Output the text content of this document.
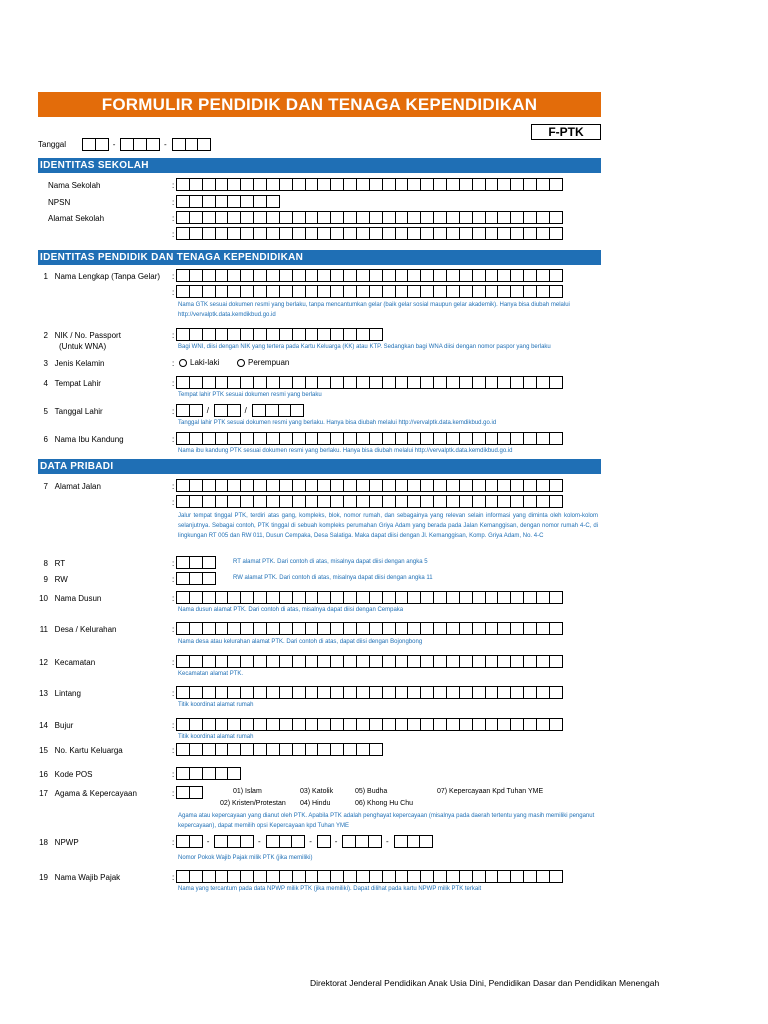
FORMULIR PENDIDIK DAN TENAGA KEPENDIDIKAN
F-PTK
Tanggal	-	-
IDENTITAS SEKOLAH
Nama Sekolah	:
NPSN	:
Alamat Sekolah	:
:
IDENTITAS PENDIDIK DAN TENAGA KEPENDIDIKAN
1 Nama Lengkap (Tanpa Gelar) :
:
Nama GTK sesuai dokumen resmi yang berlaku, tanpa mencantumkan gelar (baik gelar sosial maupun gelar akademik). Hanya bisa diubah melalui http://vervalptk.data.kemdikbud.go.id
2 NIK / No. Passport
(Untuk WNA)
:
Bagi WNI, diisi dengan NIK yang tertera pada Kartu Keluarga (KK) atau KTP. Sedangkan bagi WNA diisi dengan nomor paspor yang berlaku
3 Jenis Kelamin	:	Laki-laki	Perempuan
4 Tempat Lahir	:
Tempat lahir PTK sesuai dokumen resmi yang berlaku
5 Tanggal Lahir	:	/	/
Tanggal lahir PTK sesuai dokumen resmi yang berlaku. Hanya bisa diubah melalui http://vervalptk.data.kemdikbud.go.id
6 Nama Ibu Kandung	:
Nama ibu kandung PTK sesuai dokumen resmi yang berlaku. Hanya bisa diubah melalui http://vervalptk.data.kemdikbud.go.id
DATA PRIBADI
7 Alamat Jalan	:
:
Jalur tempat tinggal PTK, terdiri atas gang, kompleks, blok, nomor rumah, dan sebagainya yang relevan selain informasi yang diminta oleh kolom-kolom selanjutnya. Sebagai contoh, PTK tinggal di sebuah kompleks perumahan Griya Adam yang berada pada Jalan Kemanggisan, dengan nomor rumah 4-C, di lingkungan RT 005 dan RW 011, Dusun Cempaka, Desa Salatiga. Maka dapat diisi dengan Jl. Kemanggisan, Komp. Griya Adam, No. 4-C
8 RT	:	RT alamat PTK. Dari contoh di atas, misalnya dapat diisi dengan angka 5
9 RW	:	RW alamat PTK. Dari contoh di atas, misalnya dapat diisi dengan angka 11
10 Nama Dusun	:
Nama dusun alamat PTK. Dari contoh di atas, misalnya dapat diisi dengan Cempaka
11 Desa / Kelurahan	:
Nama desa atau kelurahan alamat PTK. Dari contoh di atas, dapat diisi dengan Bojongbong
12 Kecamatan	:
Kecamatan alamat PTK.
13 Lintang	:
Titik koordinat alamat rumah
14 Bujur	:
Titik koordinat alamat rumah
15 No. Kartu Keluarga	:
16 Kode POS	:
17 Agama & Kepercayaan	:	01) Islam	03) Katolik	05) Budha	07) Kepercayaan Kpd Tuhan YME
02) Kristen/Protestan 04) Hindu	06) Khong Hu Chu
Agama atau kepercayaan yang dianut oleh PTK. Apabila PTK adalah penghayat kepercayaan (misalnya pada daerah tertentu yang masih memiliki penganut kepercayaan), dapat memilih opsi Kepercayaan kpd Tuhan YME
18 NPWP	:	-	-	-	-	-
Nomor Pokok Wajib Pajak milik PTK (jika memiliki)
19 Nama Wajib Pajak	:
Nama yang tercantum pada data NPWP milik PTK (jika memiliki). Dapat dilihat pada kartu NPWP milik PTK terkait
Direktorat Jenderal Pendidikan Anak Usia Dini, Pendidikan Dasar dan Pendidikan Menengah
